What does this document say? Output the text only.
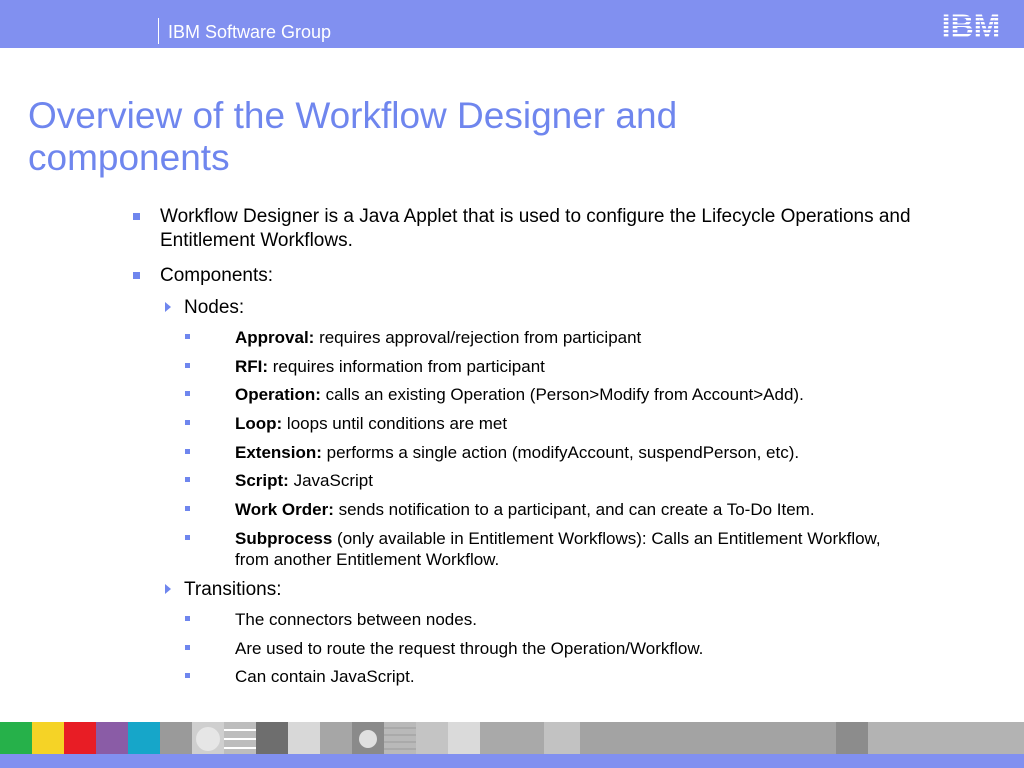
IBM Software Group
Overview of the Workflow Designer and components
Workflow Designer is a Java Applet that is used to configure the Lifecycle Operations and Entitlement Workflows.
Components:
Nodes:
Approval: requires approval/rejection from participant
RFI: requires information from participant
Operation: calls an existing Operation (Person>Modify from Account>Add).
Loop: loops until conditions are met
Extension: performs a single action (modifyAccount, suspendPerson, etc).
Script: JavaScript
Work Order: sends notification to a participant, and can create a To-Do Item.
Subprocess (only available in Entitlement Workflows): Calls an Entitlement Workflow, from another Entitlement Workflow.
Transitions:
The connectors between nodes.
Are used to route the request through the Operation/Workflow.
Can contain JavaScript.
